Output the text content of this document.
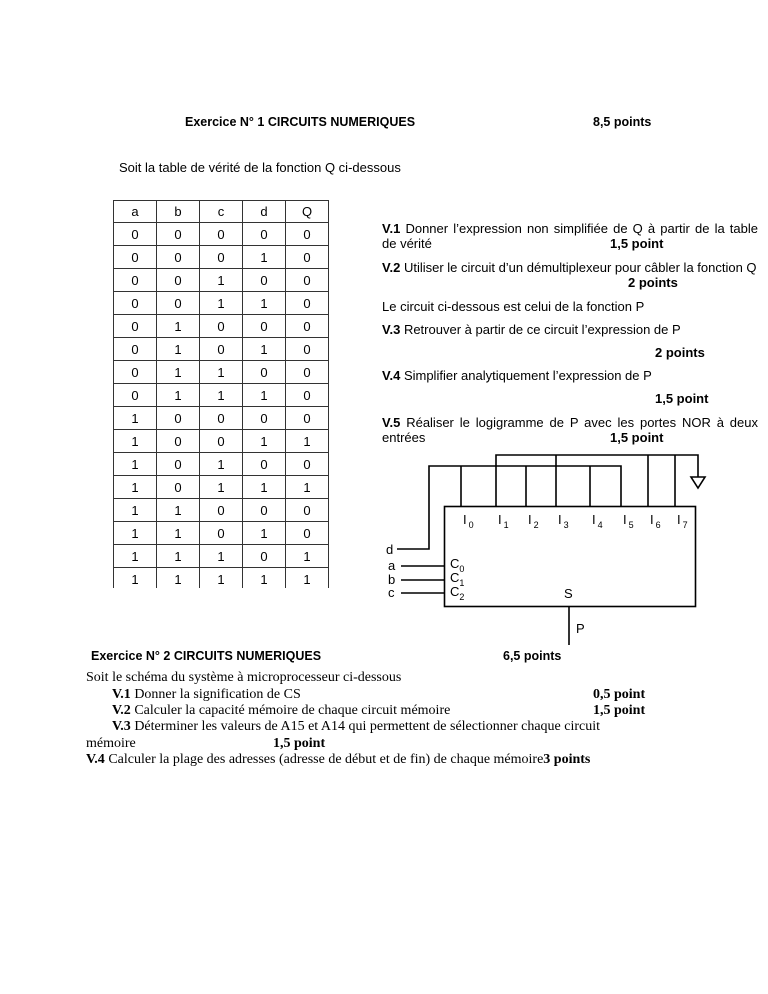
Exercice N° 1 CIRCUITS NUMERIQUES	8,5 points
Soit la table de vérité de la fonction Q ci-dessous
a	b	c	d	Q
0	0	0	0	0
0	0	0	1	0
0	0	1	0	0
0	0	1	1	0
0	1	0	0	0
0	1	0	1	0
0	1	1	0	0
0	1	1	1	0
1	0	0	0	0
1	0	0	1	1
1	0	1	0	0
1	0	1	1	1
1	1	0	0	0
1	1	0	1	0
1	1	1	0	1
1	1	1	1	1
V.1 Donner l’expression non simplifiée de Q à partir de la table de vérité	1,5 point
V.2 Utiliser le circuit d’un démultiplexeur pour câbler la fonction Q
2 points
Le circuit ci-dessous est celui de la fonction P
V.3 Retrouver à partir de ce circuit l’expression de P
2 points
V.4 Simplifier analytiquement l’expression de P
1,5 point
V.5 Réaliser le logigramme de P avec les portes NOR à deux entrées	1,5 point
d
a
b
c	S
P
I $_0$ I $_1$ I $_2$ I $_3$ I $_4$ I $_5$ I $_6$ I $_7$
$C_0$
$C_1$
$C_2$
Exercice N° 2 CIRCUITS NUMERIQUES	6,5 points
Soit le schéma du système à microprocesseur ci-dessous
V.1 Donner la signification de CS	0,5 point
V.2 Calculer la capacité mémoire de chaque circuit mémoire	1,5 point
V.3 Déterminer les valeurs de A15 et A14 qui permettent de sélectionner chaque circuit
mémoire	1,5 point
V.4 Calculer la plage des adresses (adresse de début et de fin) de chaque mémoire3 points
